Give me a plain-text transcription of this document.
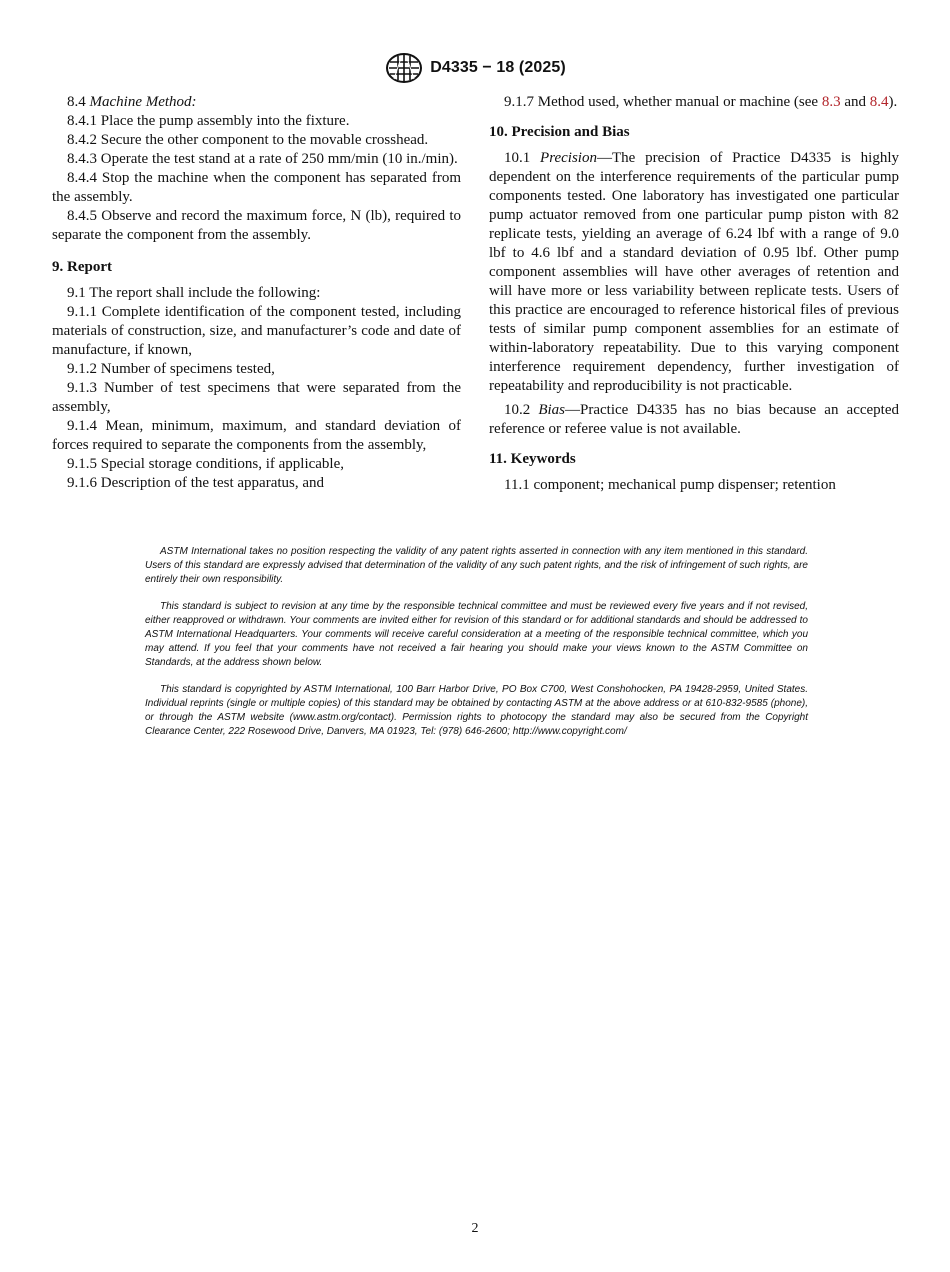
D4335 − 18 (2025)

8.4 Machine Method:

8.4.1 Place the pump assembly into the fixture.

8.4.2 Secure the other component to the movable crosshead.

8.4.3 Operate the test stand at a rate of 250 mm/min (10 in./min).

8.4.4 Stop the machine when the component has separated from the assembly.

8.4.5 Observe and record the maximum force, N (lb), required to separate the component from the assembly.

9. Report

9.1 The report shall include the following:

9.1.1 Complete identification of the component tested, including materials of construction, size, and manufacturer’s code and date of manufacture, if known,

9.1.2 Number of specimens tested,

9.1.3 Number of test specimens that were separated from the assembly,

9.1.4 Mean, minimum, maximum, and standard deviation of forces required to separate the components from the assembly,

9.1.5 Special storage conditions, if applicable,

9.1.6 Description of the test apparatus, and

9.1.7 Method used, whether manual or machine (see 8.3 and 8.4).

10. Precision and Bias

10.1 Precision—The precision of Practice D4335 is highly dependent on the interference requirements of the particular pump components tested. One laboratory has investigated one particular pump actuator removed from one particular pump piston with 82 replicate tests, yielding an average of 6.24 lbf with a range of 9.0 lbf to 4.6 lbf and a standard deviation of 0.95 lbf. Other pump component assemblies will have other averages of retention and will have more or less variability between replicate tests. Users of this practice are encouraged to reference historical files of previous tests of similar pump component assemblies for an estimate of within-laboratory repeatability. Due to this varying component interference requirement dependency, further investigation of repeatability and reproducibility is not practicable.

10.2 Bias—Practice D4335 has no bias because an accepted reference or referee value is not available.

11. Keywords

11.1 component; mechanical pump dispenser; retention

ASTM International takes no position respecting the validity of any patent rights asserted in connection with any item mentioned in this standard. Users of this standard are expressly advised that determination of the validity of any such patent rights, and the risk of infringement of such rights, are entirely their own responsibility.

This standard is subject to revision at any time by the responsible technical committee and must be reviewed every five years and if not revised, either reapproved or withdrawn. Your comments are invited either for revision of this standard or for additional standards and should be addressed to ASTM International Headquarters. Your comments will receive careful consideration at a meeting of the responsible technical committee, which you may attend. If you feel that your comments have not received a fair hearing you should make your views known to the ASTM Committee on Standards, at the address shown below.

This standard is copyrighted by ASTM International, 100 Barr Harbor Drive, PO Box C700, West Conshohocken, PA 19428-2959, United States. Individual reprints (single or multiple copies) of this standard may be obtained by contacting ASTM at the above address or at 610-832-9585 (phone), or through the ASTM website (www.astm.org/contact). Permission rights to photocopy the standard may also be secured from the Copyright Clearance Center, 222 Rosewood Drive, Danvers, MA 01923, Tel: (978) 646-2600; http://www.copyright.com/

2
